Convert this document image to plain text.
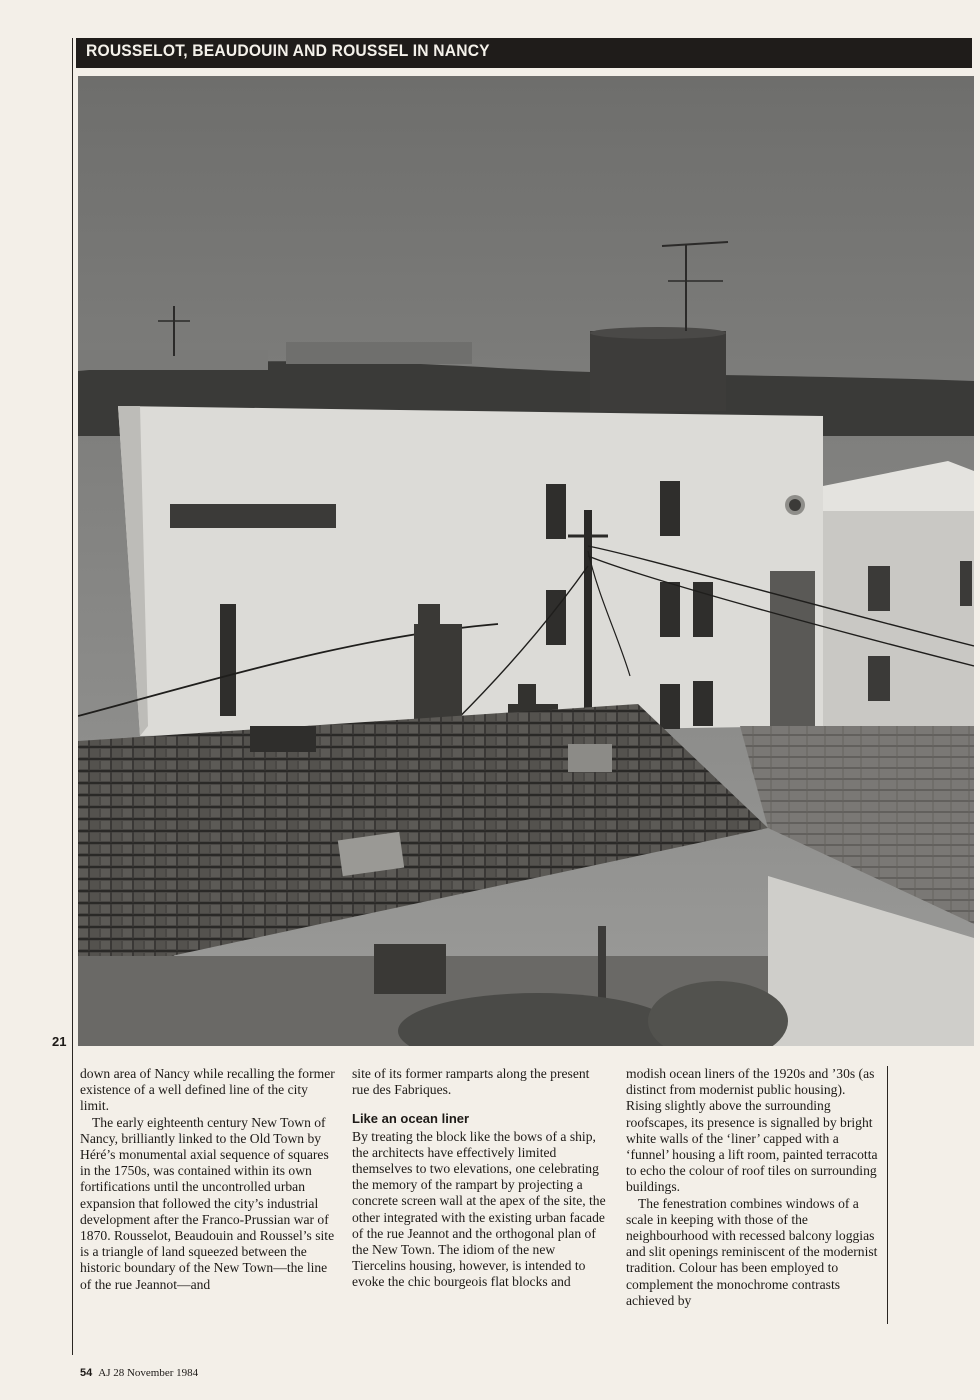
ROUSSELOT, BEAUDOUIN AND ROUSSEL IN NANCY
21

down area of Nancy while recalling the former existence of a well defined line of the city limit.

The early eighteenth century New Town of Nancy, brilliantly linked to the Old Town by Héré’s monumental axial sequence of squares in the 1750s, was contained within its own fortifications until the uncontrolled urban expansion that followed the city’s industrial development after the Franco-Prussian war of 1870. Rousselot, Beaudouin and Roussel’s site is a triangle of land squeezed between the historic boundary of the New Town—the line of the rue Jeannot—and

site of its former ramparts along the present rue des Fabriques.

Like an ocean liner

By treating the block like the bows of a ship, the architects have effectively limited themselves to two elevations, one celebrating the memory of the rampart by projecting a concrete screen wall at the apex of the site, the other integrated with the existing urban facade of the rue Jeannot and the orthogonal plan of the New Town. The idiom of the new Tiercelins housing, however, is intended to evoke the chic bourgeois flat blocks and

modish ocean liners of the 1920s and ’30s (as distinct from modernist public housing). Rising slightly above the surrounding roofscapes, its presence is signalled by bright white walls of the ‘liner’ capped with a ‘funnel’ housing a lift room, painted terracotta to echo the colour of roof tiles on surrounding buildings.

The fenestration combines windows of a scale in keeping with those of the neighbourhood with recessed balcony loggias and slit openings reminiscent of the modernist tradition. Colour has been employed to complement the monochrome contrasts achieved by

54 AJ 28 November 1984
